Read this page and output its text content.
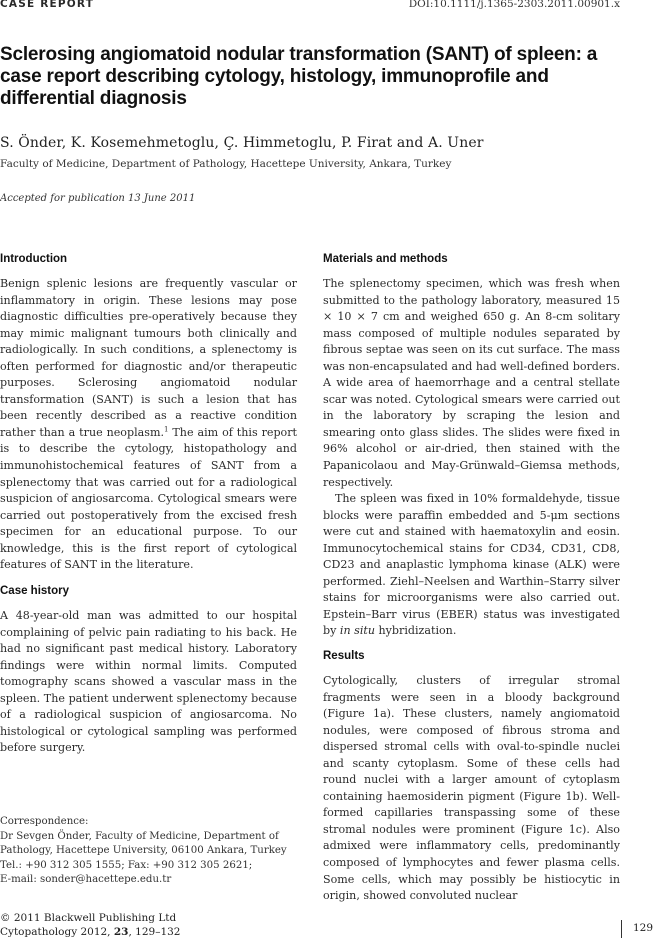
CASE REPORT	DOI:10.1111/j.1365-2303.2011.00901.x
Sclerosing angiomatoid nodular transformation (SANT) of spleen: a case report describing cytology, histology, immunoprofile and differential diagnosis
S. Önder, K. Kosemehmetoglu, Ç. Himmetoglu, P. Firat and A. Uner
Faculty of Medicine, Department of Pathology, Hacettepe University, Ankara, Turkey
Accepted for publication 13 June 2011
Introduction

Benign splenic lesions are frequently vascular or inflammatory in origin. These lesions may pose diagnostic difficulties pre-operatively because they may mimic malignant tumours both clinically and radiologically. In such conditions, a splenectomy is often performed for diagnostic and/or therapeutic purposes. Sclerosing angiomatoid nodular transformation (SANT) is such a lesion that has been recently described as a reactive condition rather than a true neoplasm.$^1$ The aim of this report is to describe the cytology, histopathology and immunohistochemical features of SANT from a splenectomy that was carried out for a radiological suspicion of angiosarcoma. Cytological smears were carried out postoperatively from the excised fresh specimen for an educational purpose. To our knowledge, this is the first report of cytological features of SANT in the literature.

Case history

A 48-year-old man was admitted to our hospital complaining of pelvic pain radiating to his back. He had no significant past medical history. Laboratory findings were within normal limits. Computed tomography scans showed a vascular mass in the spleen. The patient underwent splenectomy because of a radiological suspicion of angiosarcoma. No histological or cytological sampling was performed before surgery.

Correspondence:
Dr Sevgen Önder, Faculty of Medicine, Department of
Pathology, Hacettepe University, 06100 Ankara, Turkey
Tel.: +90 312 305 1555; Fax: +90 312 305 2621;
E-mail: sonder@hacettepe.edu.tr
Materials and methods

The splenectomy specimen, which was fresh when submitted to the pathology laboratory, measured 15 × 10 × 7 cm and weighed 650 g. An 8-cm solitary mass composed of multiple nodules separated by fibrous septae was seen on its cut surface. The mass was non-encapsulated and had well-defined borders. A wide area of haemorrhage and a central stellate scar was noted. Cytological smears were carried out in the laboratory by scraping the lesion and smearing onto glass slides. The slides were fixed in 96% alcohol or air-dried, then stained with the Papanicolaou and May-Grünwald–Giemsa methods, respectively.

The spleen was fixed in 10% formaldehyde, tissue blocks were paraffin embedded and 5-μm sections were cut and stained with haematoxylin and eosin. Immunocytochemical stains for CD34, CD31, CD8, CD23 and anaplastic lymphoma kinase (ALK) were performed. Ziehl–Neelsen and Warthin–Starry silver stains for microorganisms were also carried out. Epstein–Barr virus (EBER) status was investigated by in situ hybridization.

Results

Cytologically, clusters of irregular stromal fragments were seen in a bloody background (Figure 1a). These clusters, namely angiomatoid nodules, were composed of fibrous stroma and dispersed stromal cells with oval-to-spindle nuclei and scanty cytoplasm. Some of these cells had round nuclei with a larger amount of cytoplasm containing haemosiderin pigment (Figure 1b). Well-formed capillaries transpassing some of these stromal nodules were prominent (Figure 1c). Also admixed were inflammatory cells, predominantly composed of lymphocytes and fewer plasma cells. Some cells, which may possibly be histiocytic in origin, showed convoluted nuclear

© 2011 Blackwell Publishing Ltd
Cytopathology 2012, 23, 129–132	129
